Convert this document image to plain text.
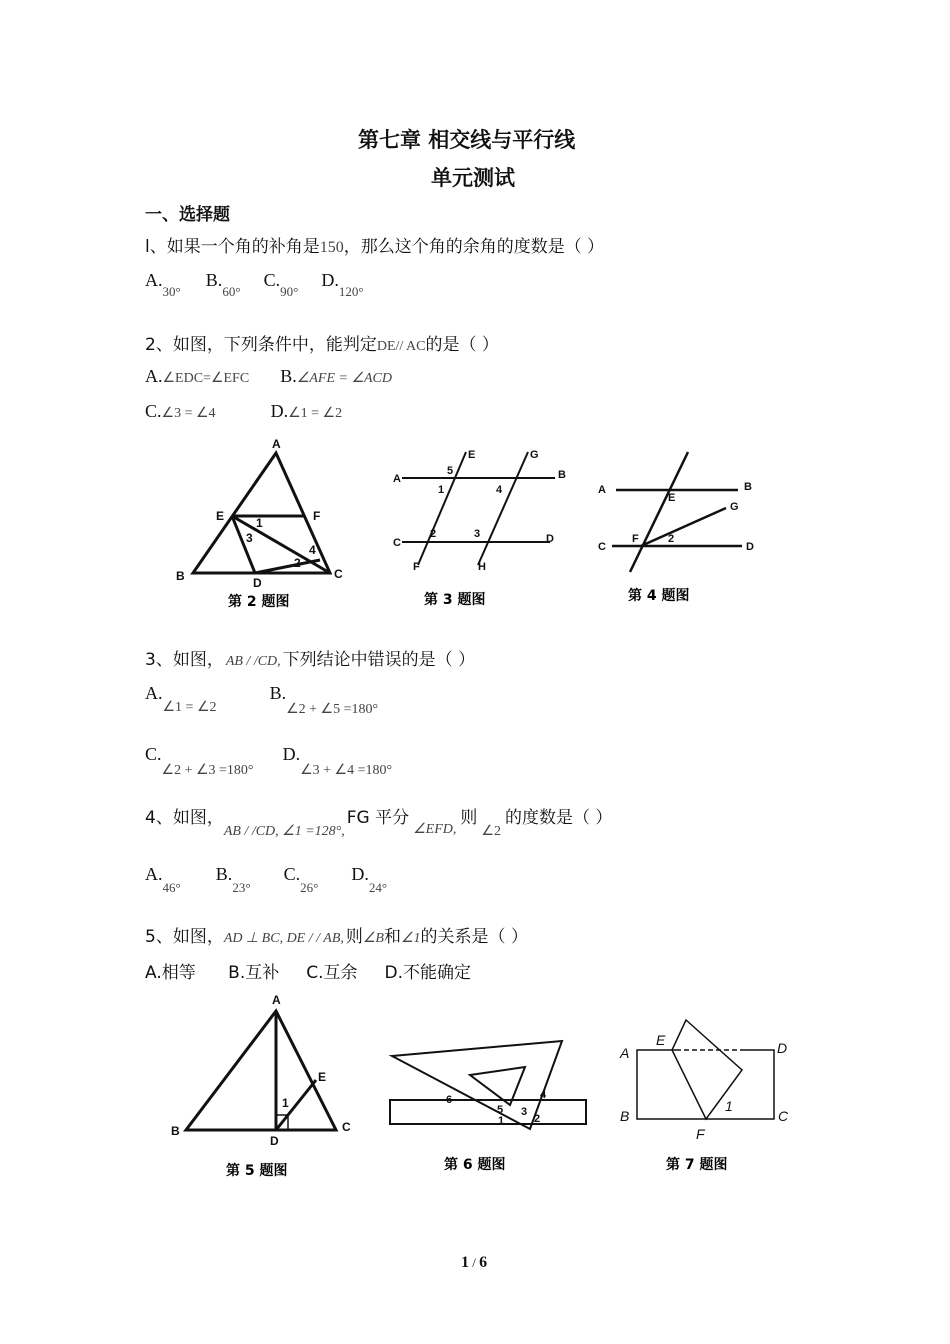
第七章 相交线与平行线
单元测试
一、选择题
l、如果一个角的补角是150，那么这个角的余角的度数是（ ）
$A._{30^\circ}$ $B._{60^\circ}$ $C._{90^\circ}$ $D._{120^\circ}$
2、如图，下列条件中，能判定DE// AC的是（ ）
A.∠EDC=∠EFC B.∠AFE = ∠ACD
C.∠3 = ∠4	D.∠1 = ∠2
A
E	F
1
3
4
2
B	D
C
第 2 题图
A
5
E	G
B
1	4
C
2	3	D
F	H
第 3 题图
A
E
B
G
C
F	2
D
第 4 题图
3、如图， AB / /CD, 下列结论中错误的是（ ）
A.∠1 = ∠2 B.∠2 + ∠5 =180°
C.∠2 + ∠3 =180° D.∠3 + ∠4 =180°
4、如图，$_{AB / /CD, \angle 1 =128^\circ,}$FG 平分$_{\angle EFD,}$则$_{\angle 2}$的度数是（ ）
$A._{46^\circ}$ $B._{23^\circ}$ $C._{26^\circ}$ $D._{24^\circ}$
5、如图，AD ⊥ BC, DE / / AB, 则∠B和∠1的关系是（ ）
A.相等      B.互补     C.互余     D.不能确定
A
E
1
B
D
C
第 5 题图
6
5
4
3
1	2
第 6 题图
A
E	D
B
1
F
C
第 7 题图
1 / 6
